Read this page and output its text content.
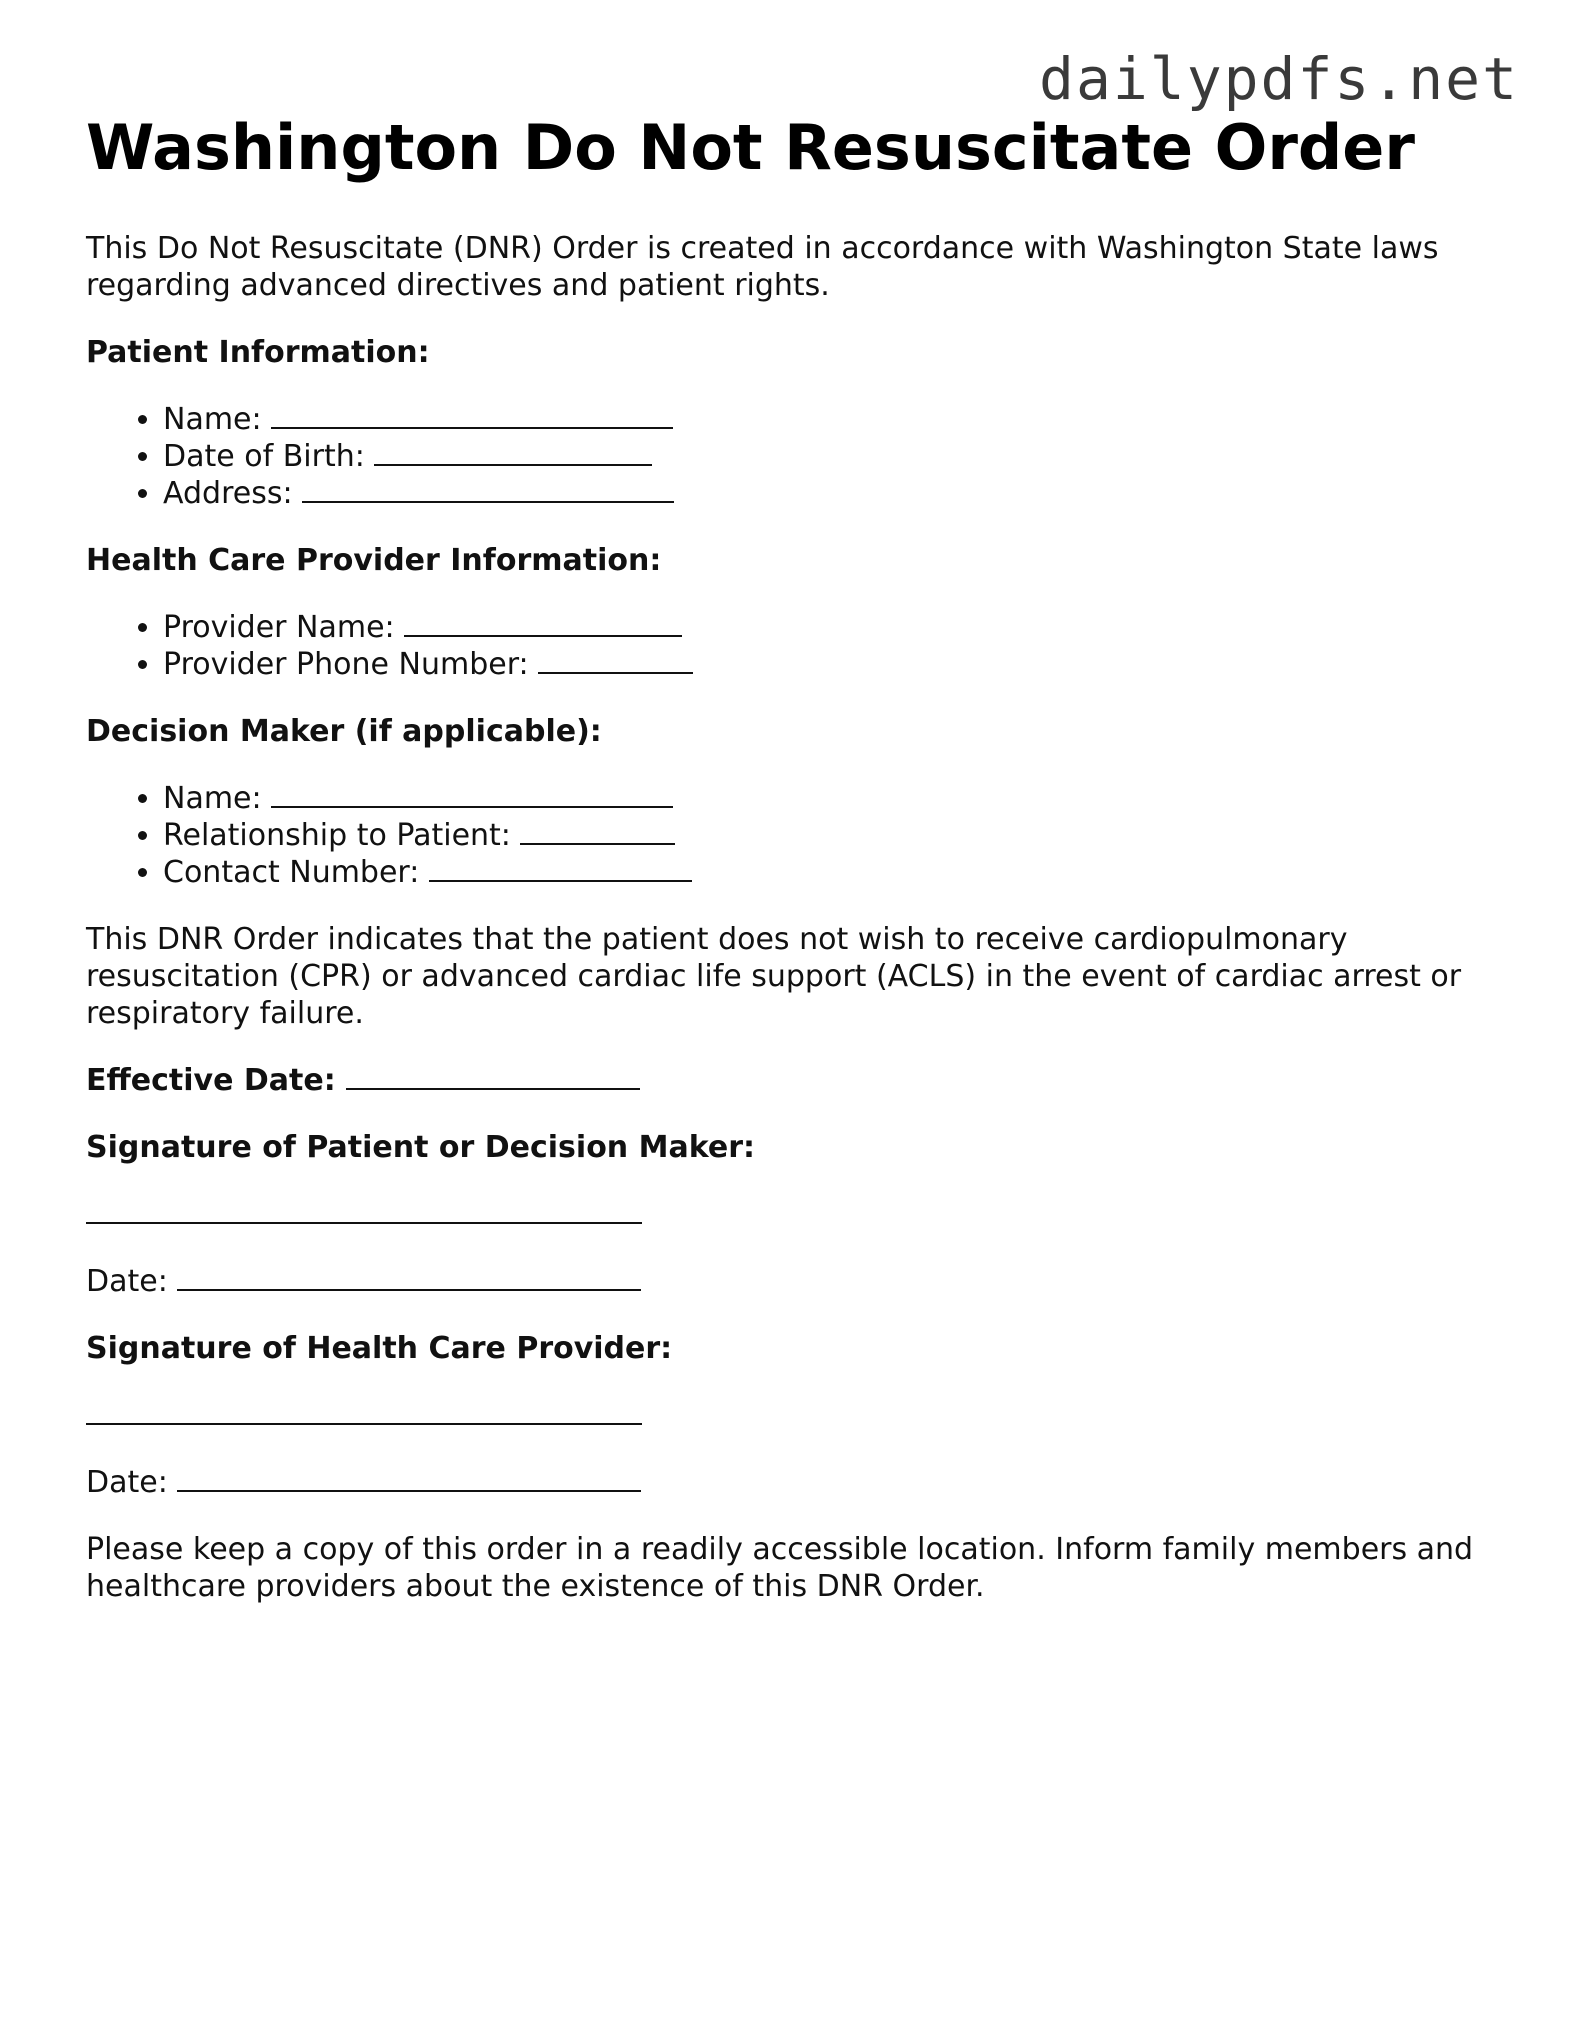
dailypdfs.net
Washington Do Not Resuscitate Order

This Do Not Resuscitate (DNR) Order is created in accordance with Washington State laws regarding advanced directives and patient rights.

Patient Information:
• Name:
• Date of Birth:
• Address:
Health Care Provider Information:
• Provider Name:
• Provider Phone Number:
Decision Maker (if applicable):
• Name:
• Relationship to Patient:
• Contact Number:

This DNR Order indicates that the patient does not wish to receive cardiopulmonary resuscitation (CPR) or advanced cardiac life support (ACLS) in the event of cardiac arrest or respiratory failure.

Effective Date:
Signature of Patient or Decision Maker:

Date:

Signature of Health Care Provider:

Date:

Please keep a copy of this order in a readily accessible location. Inform family members and healthcare providers about the existence of this DNR Order.
